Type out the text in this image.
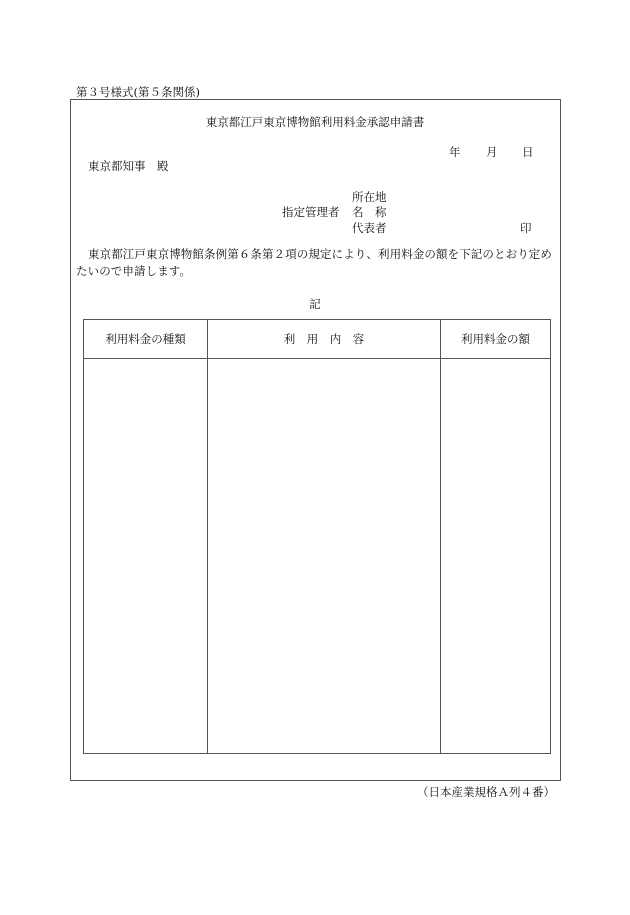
第３号様式(第５条関係)
東京都江戸東京博物館利用料金承認申請書
年 月 日
東京都知事　殿
所在地
指定管理者 名　称
代表者	印
東京都江戸東京博物館条例第６条第２項の規定により、利用料金の額を下記のとおり定めたいので申請します。
記
利用料金の種類	利　用　内　容	利用料金の額

（日本産業規格Ａ列４番）
